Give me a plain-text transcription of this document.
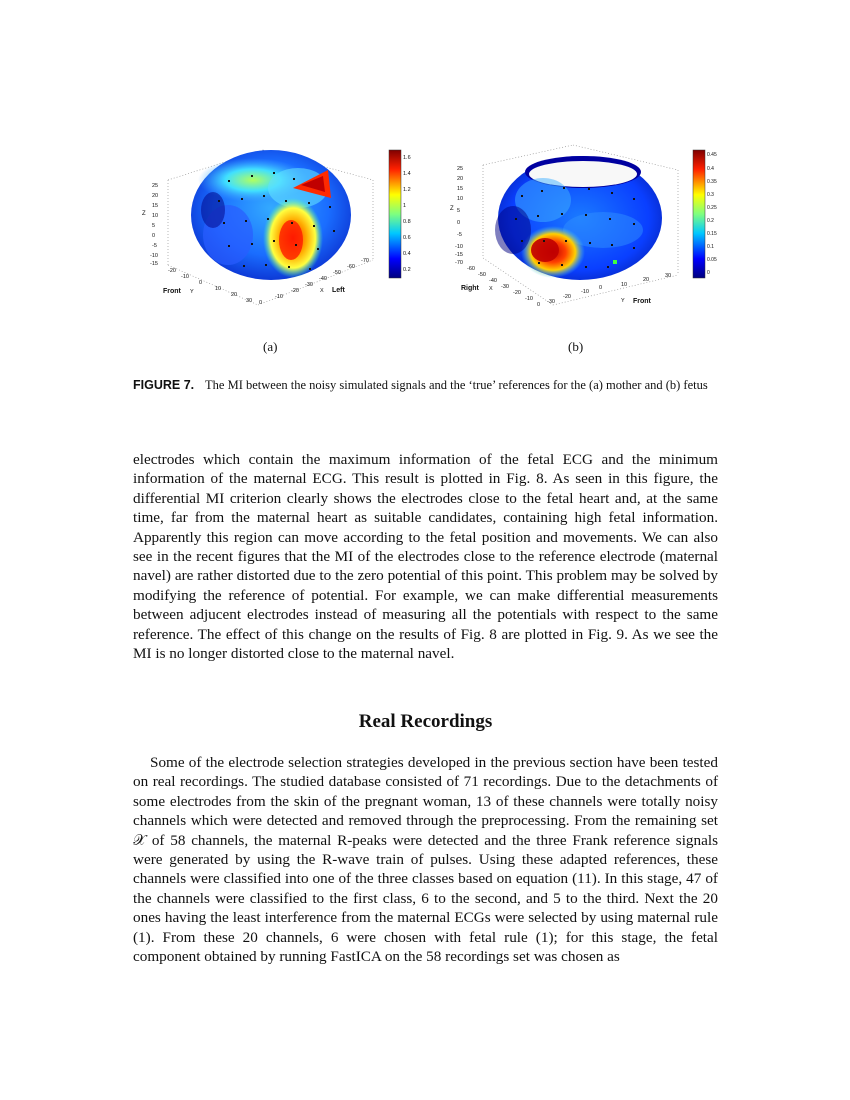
Z
25
20
15
10
5
0
-5
-10
-15
-20
-10
0
10
20
30
-70
-60
-50
-40
-30
-20
-10
0
Front Y	X Left
1.6
1.4
1.2
1
0.8
0.6
0.4
0.2
Z
25
20
15
10
5
0
-5
-10
-15
-70
-60
-50
-40
-30
-20
-10
0 -30
-20
-10
0	10
20
30
Right X
Y Front
0.45
0.4
0.35
0.3
0.25
0.2
0.15
0.1
0.05
0
(a)	(b)
FIGURE 7. The MI between the noisy simulated signals and the ‘true’ references for the (a) mother and (b) fetus

electrodes which contain the maximum information of the fetal ECG and the minimum information of the maternal ECG. This result is plotted in Fig. 8. As seen in this figure, the differential MI criterion clearly shows the electrodes close to the fetal heart and, at the same time, far from the maternal heart as suitable candidates, containing high fetal information. Apparently this region can move according to the fetal position and movements. We can also see in the recent figures that the MI of the electrodes close to the reference electrode (maternal navel) are rather distorted due to the zero potential of this point. This problem may be solved by modifying the reference of potential. For example, we can make differential measurements between adjucent electrodes instead of measuring all the potentials with respect to the same reference. The effect of this change on the results of Fig. 8 are plotted in Fig. 9. As we see the MI is no longer distorted close to the maternal navel.

Real Recordings

Some of the electrode selection strategies developed in the previous section have been tested on real recordings. The studied database consisted of 71 recordings. Due to the detachments of some electrodes from the skin of the pregnant woman, 13 of these channels were totally noisy channels which were detected and removed through the preprocessing. From the remaining set 𝒳 of 58 channels, the maternal R-peaks were detected and the three Frank reference signals were generated by using the R-wave train of pulses. Using these adapted references, these channels were classified into one of the three classes based on equation (11). In this stage, 47 of the channels were classified to the first class, 6 to the second, and 5 to the third. Next the 20 ones having the least interference from the maternal ECGs were selected by using maternal rule (1). From these 20 channels, 6 were chosen with fetal rule (1); for this stage, the fetal component obtained by running FastICA on the 58 recordings set was chosen as
